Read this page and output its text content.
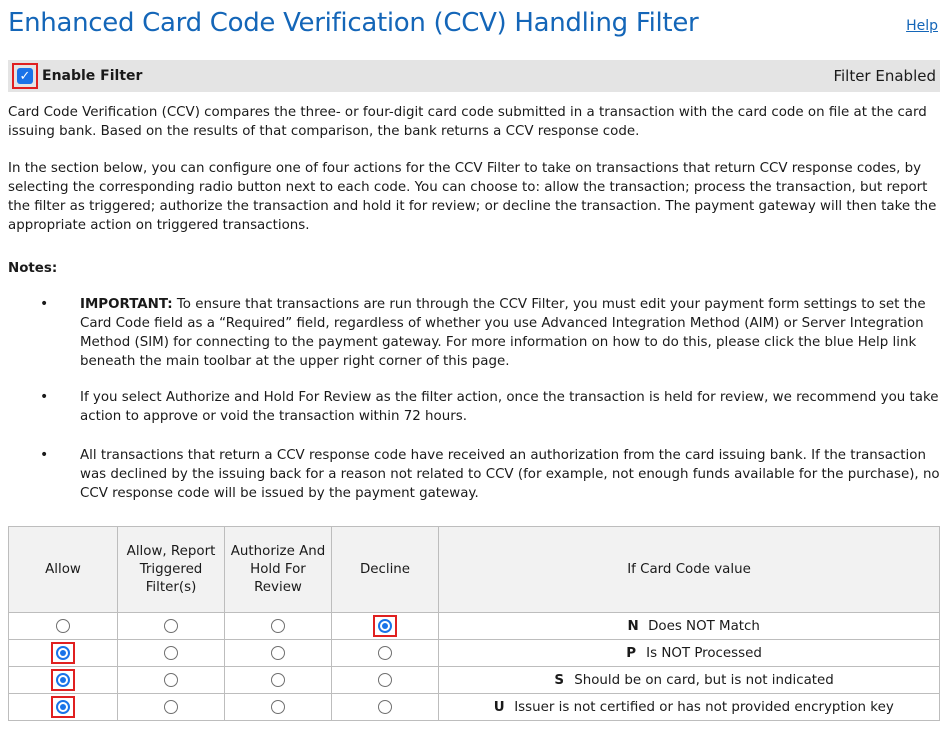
Enhanced Card Code Verification (CCV) Handling Filter	Help
✓ Enable Filter	Filter Enabled

Card Code Verification (CCV) compares the three- or four-digit card code submitted in a transaction with the card code on file at the card issuing bank. Based on the results of that comparison, the bank returns a CCV response code.

In the section below, you can configure one of four actions for the CCV Filter to take on transactions that return CCV response codes, by selecting the corresponding radio button next to each code. You can choose to: allow the transaction; process the transaction, but report the filter as triggered; authorize the transaction and hold it for review; or decline the transaction. The payment gateway will then take the appropriate action on triggered transactions.

Notes:
• IMPORTANT: To ensure that transactions are run through the CCV Filter, you must edit your payment form settings to set the Card Code field as a “Required” field, regardless of whether you use Advanced Integration Method (AIM) or Server Integration Method (SIM) for connecting to the payment gateway. For more information on how to do this, please click the blue Help link beneath the main toolbar at the upper right corner of this page.
• If you select Authorize and Hold For Review as the filter action, once the transaction is held for review, we recommend you take action to approve or void the transaction within 72 hours.
• All transactions that return a CCV response code have received an authorization from the card issuing bank. If the transaction was declined by the issuing back for a reason not related to CCV (for example, not enough funds available for the purchase), no CCV response code will be issued by the payment gateway.
Allow	Allow, Report Triggered Filter(s)	Authorize And Hold For Review	Decline	If Card Code value

	N Does NOT Match

	P Is NOT Processed

	S Should be on card, but is not indicated

	U Issuer is not certified or has not provided encryption key
